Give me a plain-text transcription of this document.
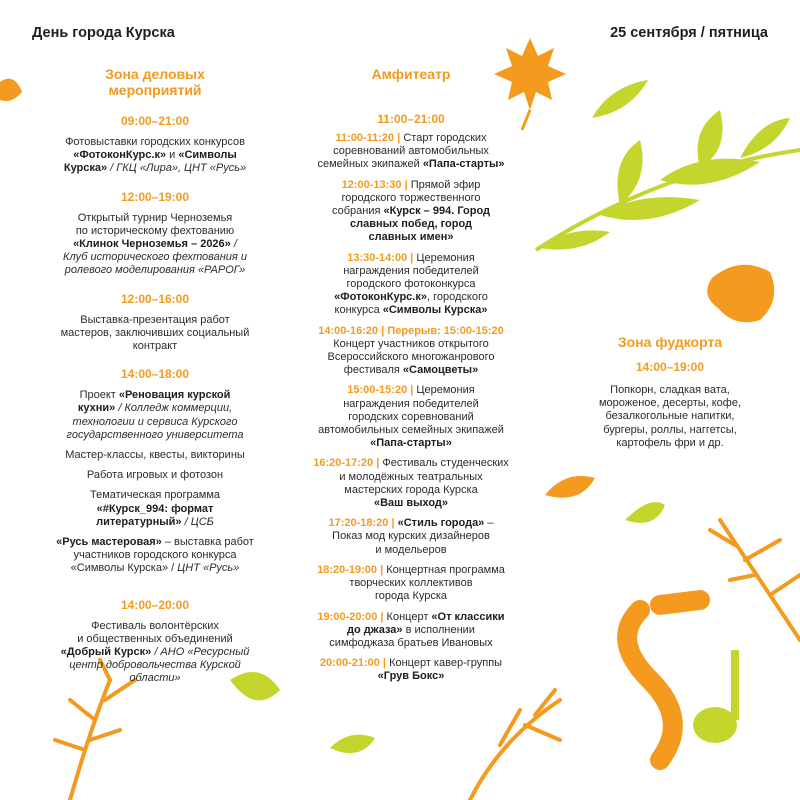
День города Курска	25 сентября / пятница
Зона деловых
мероприятий
09:00–21:00
Фотовыставки городских конкурсов
«ФотоконКурс.к» и «Символы
Курска» / ГКЦ «Лира», ЦНТ «Русь»
12:00–19:00
Открытый турнир Черноземья
по историческому фехтованию
«Клинок Черноземья – 2026» /
Клуб исторического фехтования и
ролевого моделирования «РАРОГ»
12:00–16:00
Выставка-презентация работ
мастеров, заключивших социальный
контракт
14:00–18:00
Проект «Реновация курской
кухни» / Колледж коммерции,
технологии и сервиса Курского
государственного университета
Мастер-классы, квесты, викторины
Работа игровых и фотозон
Тематическая программа
«#Курск_994: формат
литературный» / ЦСБ
«Русь мастеровая» – выставка работ
участников городского конкурса
«Символы Курска» / ЦНТ «Русь»
14:00–20:00
Фестиваль волонтёрских
и общественных объединений
«Добрый Курск» / АНО «Ресурсный
центр добровольчества Курской
области»
Амфитеатр
11:00–21:00
11:00-11:20 | Старт городских
соревнований автомобильных
семейных экипажей «Папа-старты»
12:00-13:30 | Прямой эфир
городского торжественного
собрания «Курск – 994. Город
славных побед, город
славных имен»
13:30-14:00 | Церемония
награждения победителей
городского фотоконкурса
«ФотоконКурс.к», городского
конкурса «Символы Курска»
14:00-16:20 | Перерыв: 15:00-15:20
Концерт участников открытого
Всероссийского многожанрового
фестиваля «Самоцветы»
15:00-15:20 | Церемония
награждения победителей
городских соревнований
автомобильных семейных экипажей
«Папа-старты»
16:20-17:20 | Фестиваль студенческих
и молодёжных театральных
мастерских города Курска
«Ваш выход»
17:20-18:20 | «Стиль города» –
Показ мод курских дизайнеров
и модельеров
18:20-19:00 | Концертная программа
творческих коллективов
города Курска
19:00-20:00 | Концерт «От классики
до джаза» в исполнении
симфоджаза братьев Ивановых
20:00-21:00 | Концерт кавер-группы
«Грув Бокс»
Зона фудкорта
14:00–19:00
Попкорн, сладкая вата,
мороженое, десерты, кофе,
безалкогольные напитки,
бургеры, роллы, наггетсы,
картофель фри и др.
